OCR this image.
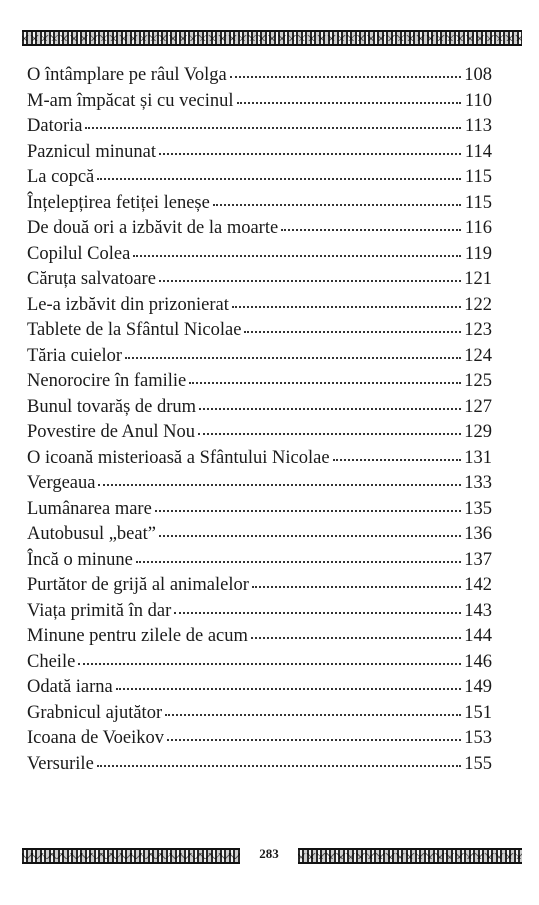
O întâmplare pe râul Volga	108
M-am împăcat și cu vecinul	110
Datoria	113
Paznicul minunat	114
La copcă	115
Înțelepțirea fetiței leneșe	115
De două ori a izbăvit de la moarte	116
Copilul Colea	119
Căruța salvatoare	121
Le-a izbăvit din prizonierat	122
Tablete de la Sfântul Nicolae	123
Tăria cuielor	124
Nenorocire în familie	125
Bunul tovarăș de drum	127
Povestire de Anul Nou	129
O icoană misterioasă a Sfântului Nicolae	131
Vergeaua	133
Lumânarea mare	135
Autobusul „beat”	136
Încă o minune	137
Purtător de grijă al animalelor	142
Viața primită în dar	143
Minune pentru zilele de acum	144
Cheile	146
Odată iarna	149
Grabnicul ajutător	151
Icoana de Voeikov	153
Versurile	155
283
